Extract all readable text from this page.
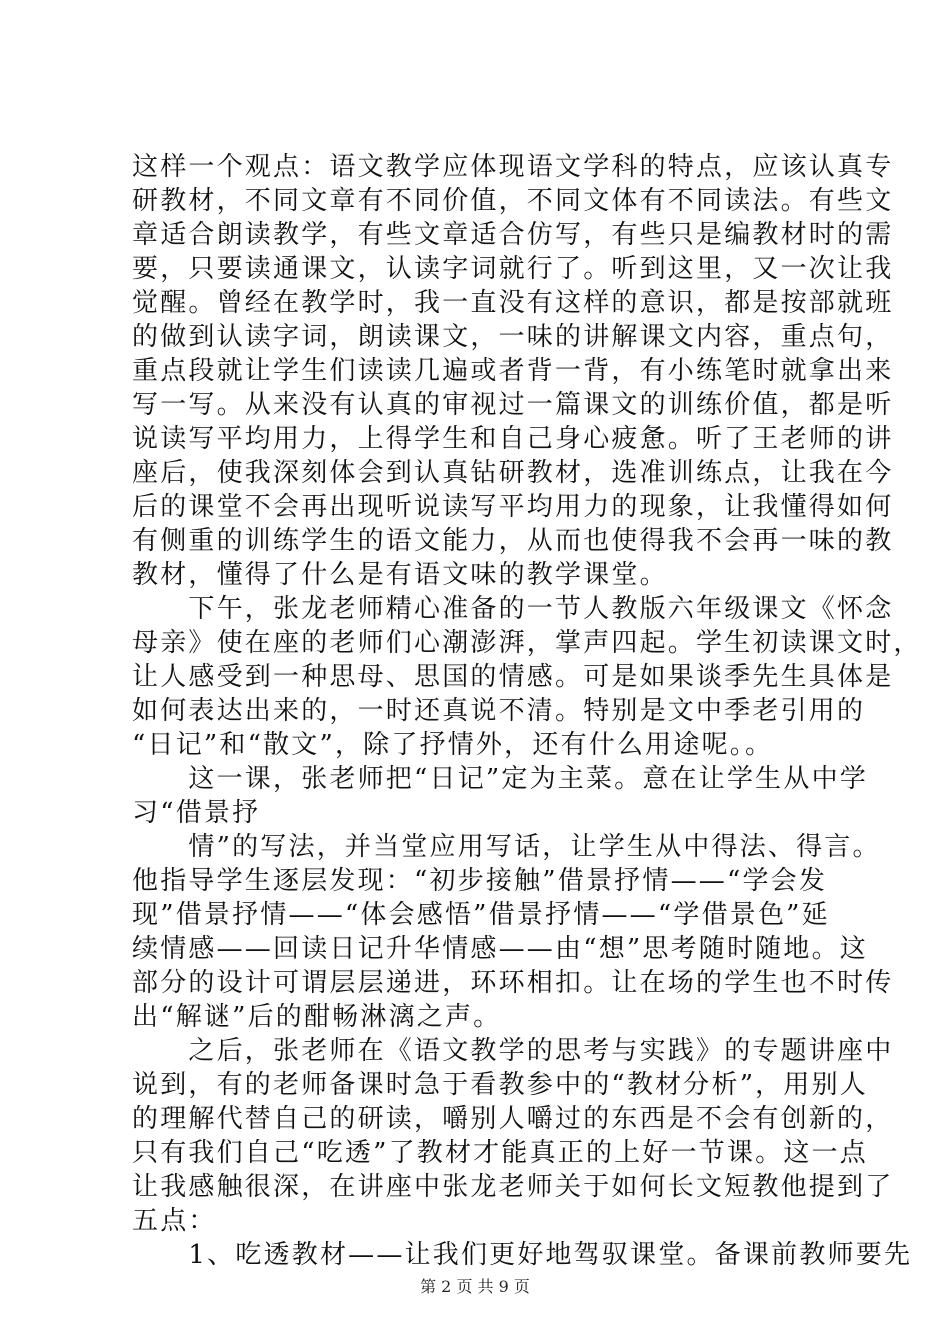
这样一个观点：语文教学应体现语文学科的特点，应该认真专
研教材，不同文章有不同价值，不同文体有不同读法。有些文
章适合朗读教学，有些文章适合仿写，有些只是编教材时的需
要，只要读通课文，认读字词就行了。听到这里，又一次让我
觉醒。曾经在教学时，我一直没有这样的意识，都是按部就班
的做到认读字词，朗读课文，一味的讲解课文内容，重点句，
重点段就让学生们读读几遍或者背一背，有小练笔时就拿出来
写一写。从来没有认真的审视过一篇课文的训练价值，都是听
说读写平均用力，上得学生和自己身心疲惫。听了王老师的讲
座后，使我深刻体会到认真钻研教材，选准训练点，让我在今
后的课堂不会再出现听说读写平均用力的现象，让我懂得如何
有侧重的训练学生的语文能力，从而也使得我不会再一味的教
教材，懂得了什么是有语文味的教学课堂。
　　下午，张龙老师精心准备的一节人教版六年级课文《怀念
母亲》使在座的老师们心潮澎湃，掌声四起。学生初读课文时，
让人感受到一种思母、思国的情感。可是如果谈季先生具体是
如何表达出来的，一时还真说不清。特别是文中季老引用的
“日记”和“散文”，除了抒情外，还有什么用途呢。。
　　这一课，张老师把“日记”定为主菜。意在让学生从中学
习“借景抒
　　情”的写法，并当堂应用写话，让学生从中得法、得言。
他指导学生逐层发现：“初步接触”借景抒情——“学会发
现”借景抒情——“体会感悟”借景抒情——“学借景色”延
续情感——回读日记升华情感——由“想”思考随时随地。这
部分的设计可谓层层递进，环环相扣。让在场的学生也不时传
出“解谜”后的酣畅淋漓之声。
　　之后，张老师在《语文教学的思考与实践》的专题讲座中
说到，有的老师备课时急于看教参中的“教材分析”，用别人
的理解代替自己的研读，嚼别人嚼过的东西是不会有创新的，
只有我们自己“吃透”了教材才能真正的上好一节课。这一点
让我感触很深，在讲座中张龙老师关于如何长文短教他提到了
五点：
　　1、吃透教材——让我们更好地驾驭课堂。备课前教师要先
第 2 页 共 9 页
